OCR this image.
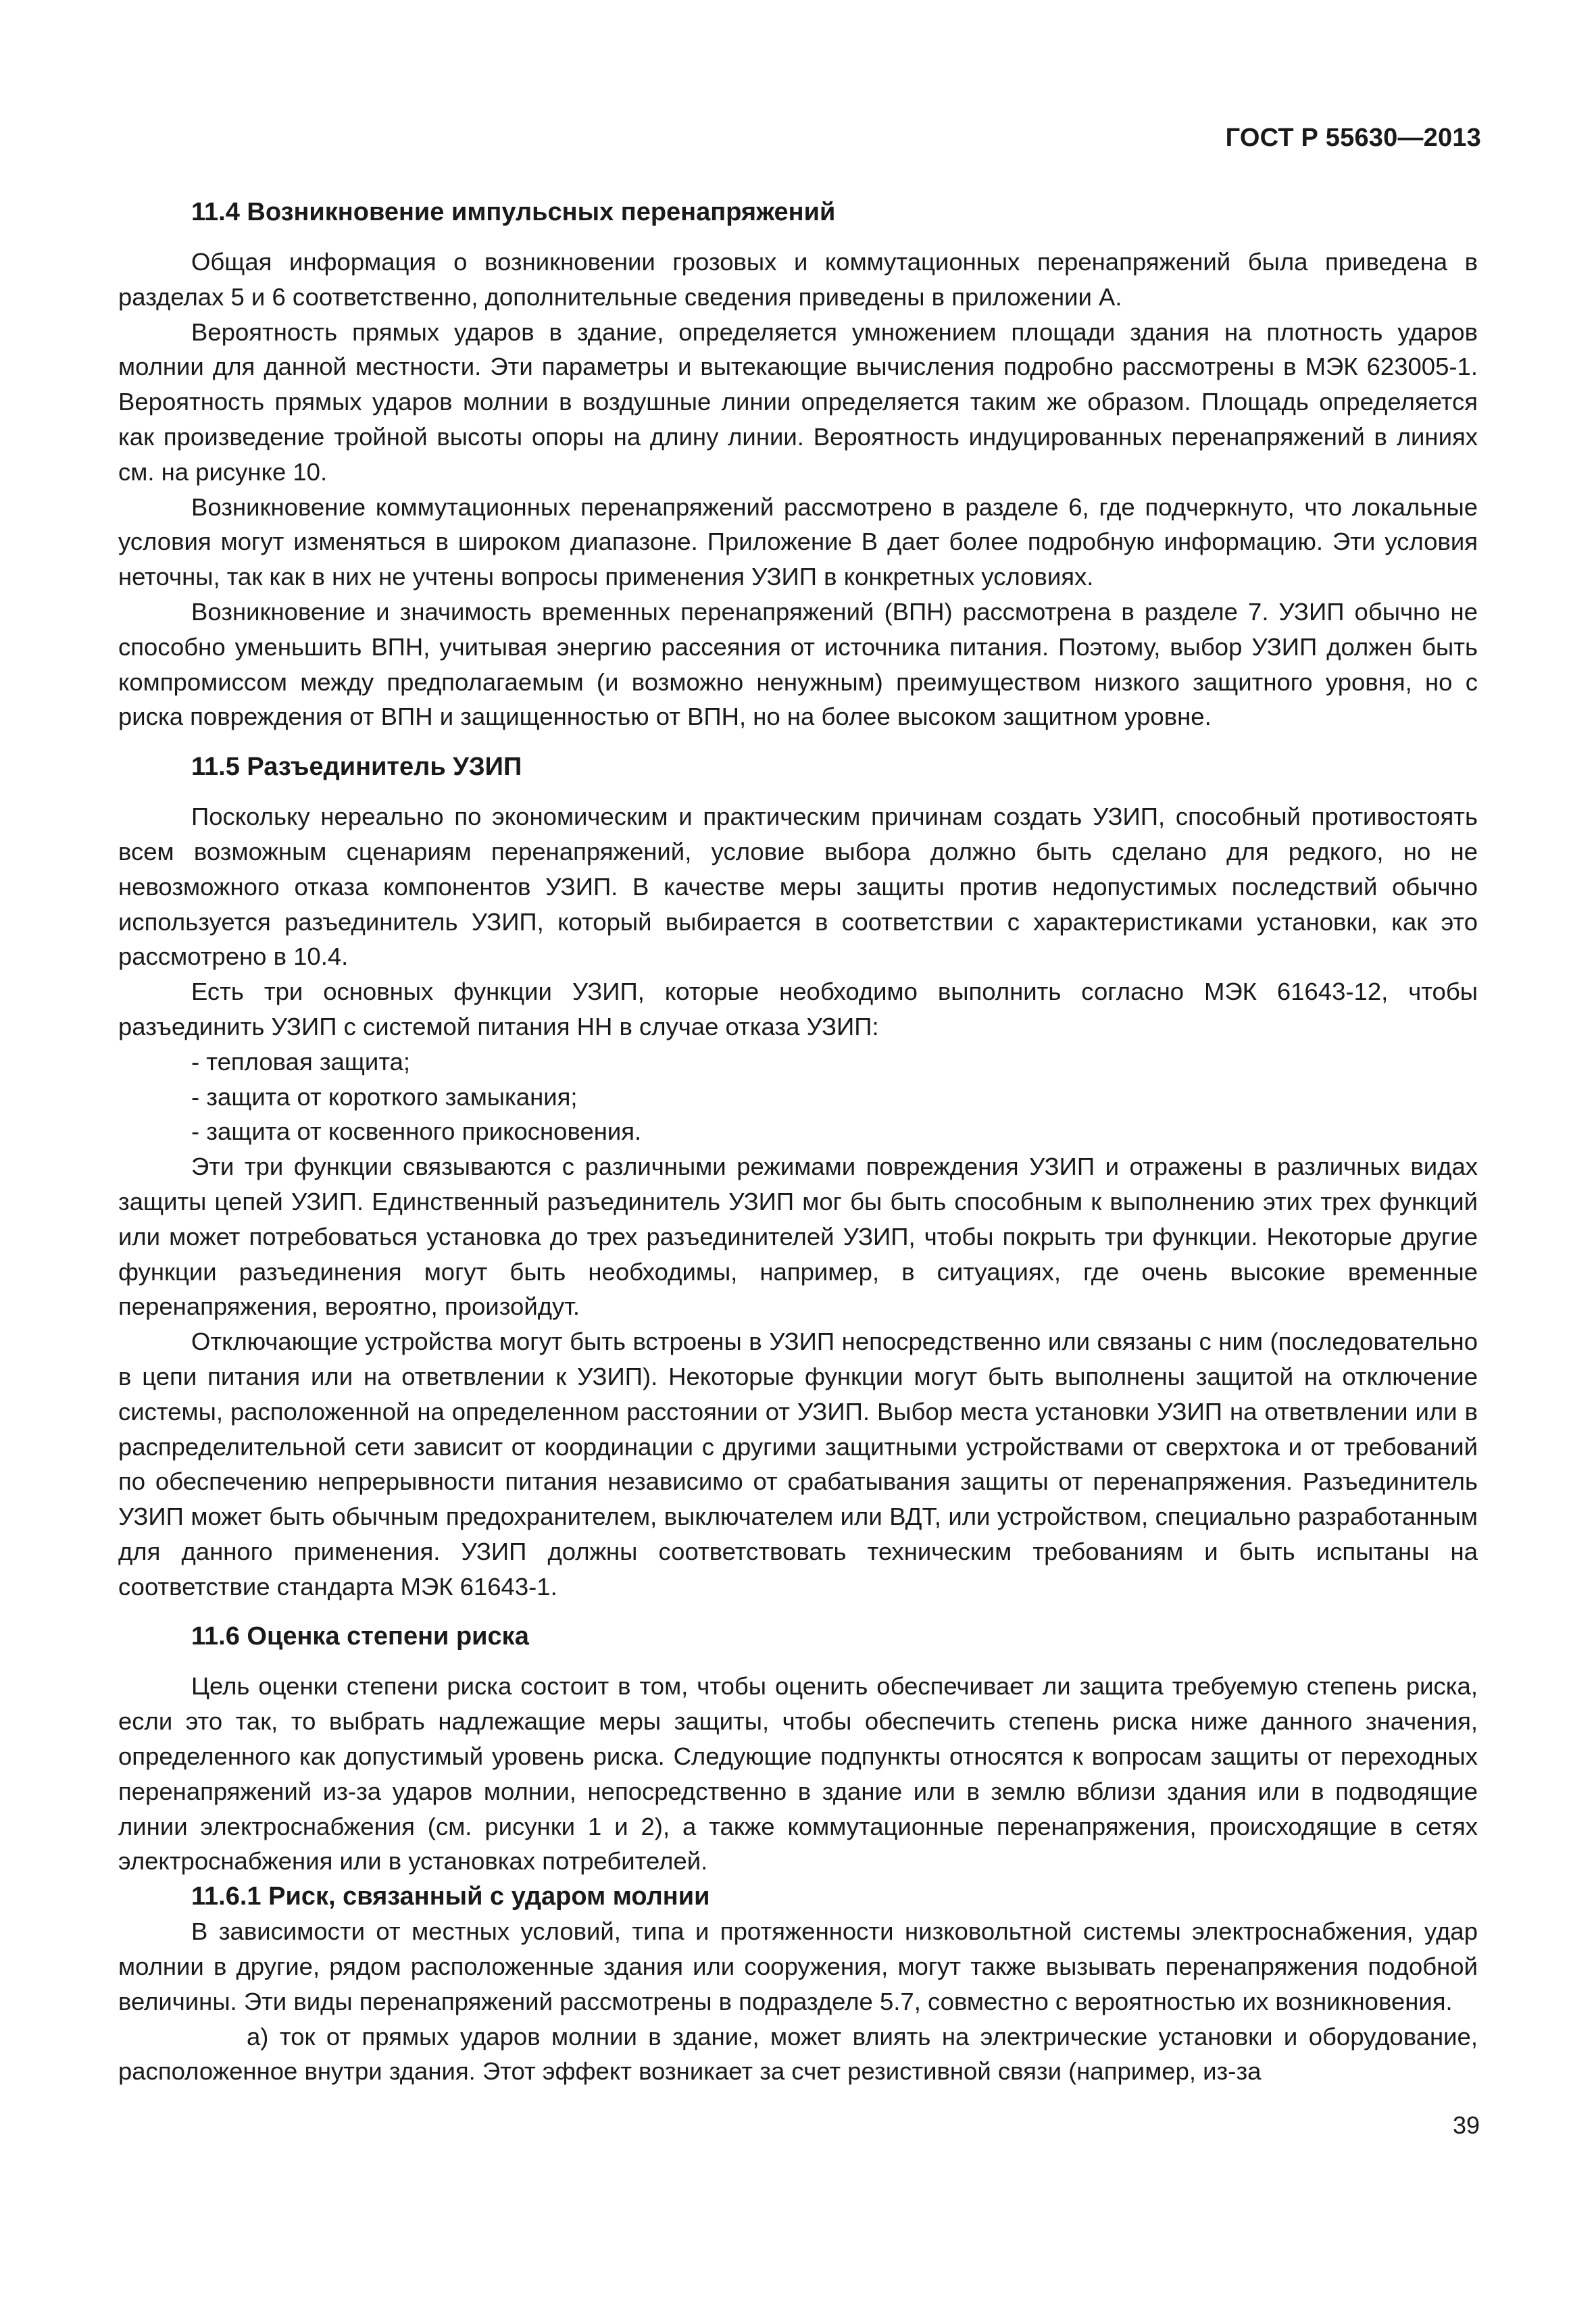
ГОСТ Р 55630—2013
11.4 Возникновение импульсных перенапряжений

Общая информация о возникновении грозовых и коммутационных перенапряжений была приведена в разделах 5 и 6 соответственно, дополнительные сведения приведены в приложении А.

Вероятность прямых ударов в здание, определяется умножением площади здания на плотность ударов молнии для данной местности. Эти параметры и вытекающие вычисления подробно рассмотрены в МЭК 623005-1. Вероятность прямых ударов молнии в воздушные линии определяется таким же образом. Площадь определяется как произведение тройной высоты опоры на длину линии. Вероятность индуцированных перенапряжений в линиях см. на рисунке 10.

Возникновение коммутационных перенапряжений рассмотрено в разделе 6, где подчеркнуто, что локальные условия могут изменяться в широком диапазоне. Приложение В дает более подробную информацию. Эти условия неточны, так как в них не учтены вопросы применения УЗИП в конкретных условиях.

Возникновение и значимость временных перенапряжений (ВПН) рассмотрена в разделе 7. УЗИП обычно не способно уменьшить ВПН, учитывая энергию рассеяния от источника питания. Поэтому, выбор УЗИП должен быть компромиссом между предполагаемым (и возможно ненужным) преимуществом низкого защитного уровня, но с риска повреждения от ВПН и защищенностью от ВПН, но на более высоком защитном уровне.

11.5 Разъединитель УЗИП

Поскольку нереально по экономическим и практическим причинам создать УЗИП, способный противостоять всем возможным сценариям перенапряжений, условие выбора должно быть сделано для редкого, но не невозможного отказа компонентов УЗИП. В качестве меры защиты против недопустимых последствий обычно используется разъединитель УЗИП, который выбирается в соответствии с характеристиками установки, как это рассмотрено в 10.4.

Есть три основных функции УЗИП, которые необходимо выполнить согласно МЭК 61643-12, чтобы разъединить УЗИП с системой питания НН в случае отказа УЗИП:

- тепловая защита;

- защита от короткого замыкания;

- защита от косвенного прикосновения.

Эти три функции связываются с различными режимами повреждения УЗИП и отражены в различных видах защиты цепей УЗИП. Единственный разъединитель УЗИП мог бы быть способным к выполнению этих трех функций или может потребоваться установка до трех разъединителей УЗИП, чтобы покрыть три функции. Некоторые другие функции разъединения могут быть необходимы, например, в ситуациях, где очень высокие временные перенапряжения, вероятно, произойдут.

Отключающие устройства могут быть встроены в УЗИП непосредственно или связаны с ним (последовательно в цепи питания или на ответвлении к УЗИП). Некоторые функции могут быть выполнены защитой на отключение системы, расположенной на определенном расстоянии от УЗИП. Выбор места установки УЗИП на ответвлении или в распределительной сети зависит от координации с другими защитными устройствами от сверхтока и от требований по обеспечению непрерывности питания независимо от срабатывания защиты от перенапряжения. Разъединитель УЗИП может быть обычным предохранителем, выключателем или ВДТ, или устройством, специально разработанным для данного применения. УЗИП должны соответствовать техническим требованиям и быть испытаны на соответствие стандарта МЭК 61643-1.

11.6 Оценка степени риска

Цель оценки степени риска состоит в том, чтобы оценить обеспечивает ли защита требуемую степень риска, если это так, то выбрать надлежащие меры защиты, чтобы обеспечить степень риска ниже данного значения, определенного как допустимый уровень риска. Следующие подпункты относятся к вопросам защиты от переходных перенапряжений из-за ударов молнии, непосредственно в здание или в землю вблизи здания или в подводящие линии электроснабжения (см. рисунки 1 и 2), а также коммутационные перенапряжения, происходящие в сетях электроснабжения или в установках потребителей.

11.6.1 Риск, связанный с ударом молнии

В зависимости от местных условий, типа и протяженности низковольтной системы электроснабжения, удар молнии в другие, рядом расположенные здания или сооружения, могут также вызывать перенапряжения подобной величины. Эти виды перенапряжений рассмотрены в подразделе 5.7, совместно с вероятностью их возникновения.

а) ток от прямых ударов молнии в здание, может влиять на электрические установки и оборудование, расположенное внутри здания. Этот эффект возникает за счет резистивной связи (например, из-за

39
